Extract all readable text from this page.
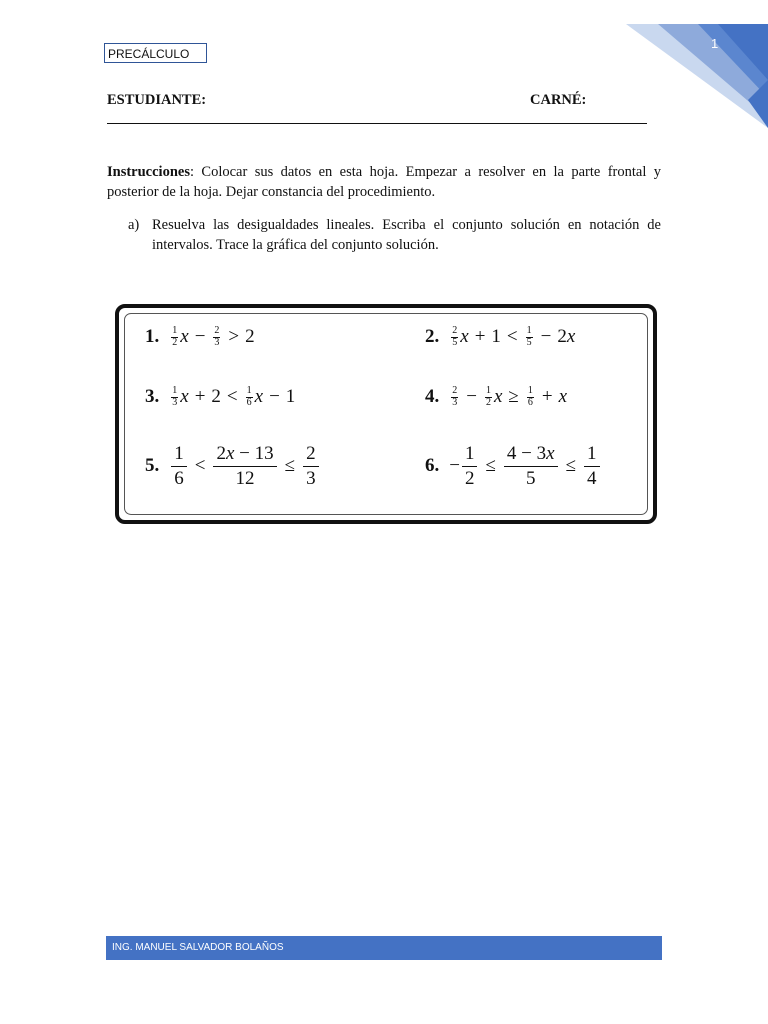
1
PRECÁLCULO
ESTUDIANTE:	CARNÉ:
Instrucciones: Colocar sus datos en esta hoja. Empezar a resolver en la parte frontal y posterior de la hoja. Dejar constancia del procedimiento.
a) Resuelva las desigualdades lineales. Escriba el conjunto solución en notación de intervalos. Trace la gráfica del conjunto solución.
1. $\frac{1}{2}$ $x - \frac{2}{3} > 2$	2. $\frac{2}{5}$ $x + 1 < \frac{1}{5} - 2$ x
3. $\frac{1}{3}$ $x + 2 < \frac{1}{6}$ x − 1	4. $\frac{2}{3} - \frac{1}{2}$ $x \ge \frac{1}{6} + x$
5. $\frac{1}{6} < \frac{2x - 13}{12} \le \frac{2}{3}$	6. − $\frac{1}{2} \le \frac{4 - 3x}{5} \le \frac{1}{4}$
ING. MANUEL SALVADOR BOLAÑOS
